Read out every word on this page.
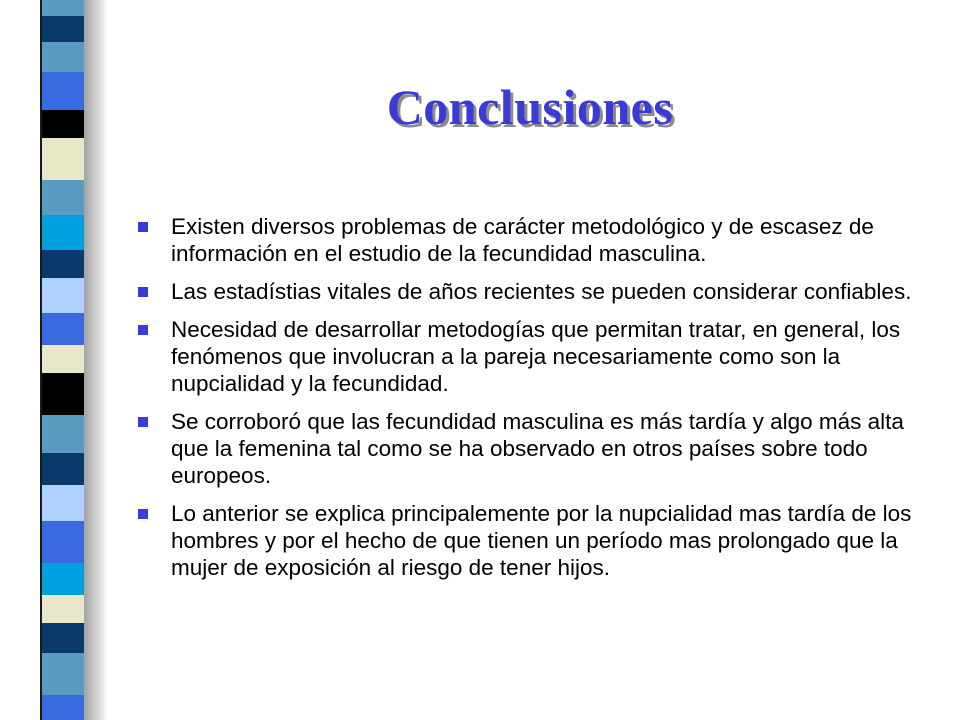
Conclusiones
Existen diversos problemas de carácter metodológico y de escasez de información en el estudio de la fecundidad masculina.
Las estadístias vitales de años recientes se pueden considerar confiables.
Necesidad de desarrollar metodogías que permitan tratar, en general, los fenómenos que involucran a la pareja necesariamente como son la nupcialidad y la fecundidad.
Se corroboró que las fecundidad masculina es más tardía y algo más alta que la femenina tal como se ha observado en otros países sobre todo europeos.
Lo anterior se explica principalemente por la nupcialidad mas tardía de los hombres y por el hecho de que tienen un período mas prolongado que la mujer de exposición al riesgo de tener hijos.
